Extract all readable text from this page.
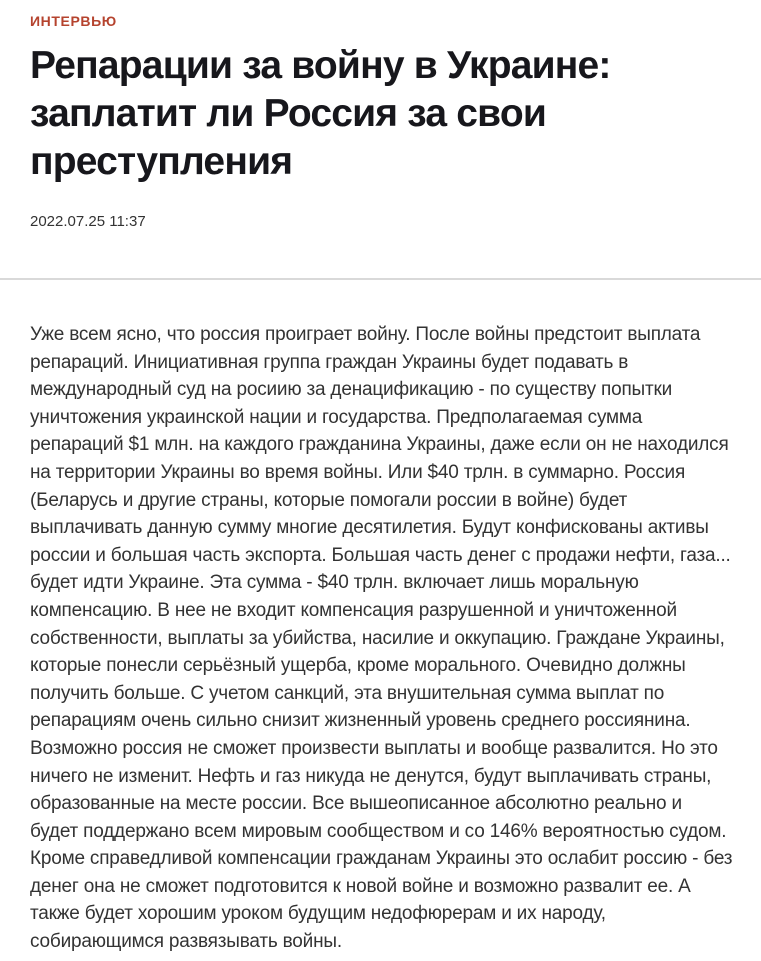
ИНТЕРВЬЮ
Репарации за войну в Украине: заплатит ли Россия за свои преступления
2022.07.25 11:37

Уже всем ясно, что россия проиграет войну. После войны предстоит выплата репараций. Инициативная группа граждан Украины будет подавать в международный суд на росиию за денацификацию - по существу попытки уничтожения украинской нации и государства. Предполагаемая сумма репараций $1 млн. на каждого гражданина Украины, даже если он не находился на территории Украины во время войны. Или $40 трлн. в суммарно. Россия (Беларусь и другие страны, которые помогали россии в войне) будет выплачивать данную сумму многие десятилетия. Будут конфискованы активы россии и большая часть экспорта. Большая часть денег с продажи нефти, газа... будет идти Украине. Эта сумма - $40 трлн. включает лишь моральную компенсацию. В нее не входит компенсация разрушенной и уничтоженной собственности, выплаты за убийства, насилие и оккупацию. Граждане Украины, которые понесли серьёзный ущерба, кроме морального. Очевидно должны получить больше. С учетом санкций, эта внушительная сумма выплат по репарациям очень сильно снизит жизненный уровень среднего россиянина. Возможно россия не сможет произвести выплаты и вообще развалится. Но это ничего не изменит. Нефть и газ никуда не денутся, будут выплачивать страны, образованные на месте россии. Все вышеописанное абсолютно реально и будет поддержано всем мировым сообществом и со 146% вероятностью судом. Кроме справедливой компенсации гражданам Украины это ослабит россию - без денег она не сможет подготовится к новой войне и возможно развалит ее. А также будет хорошим уроком будущим недофюрерам и их народу, собирающимся развязывать войны.
